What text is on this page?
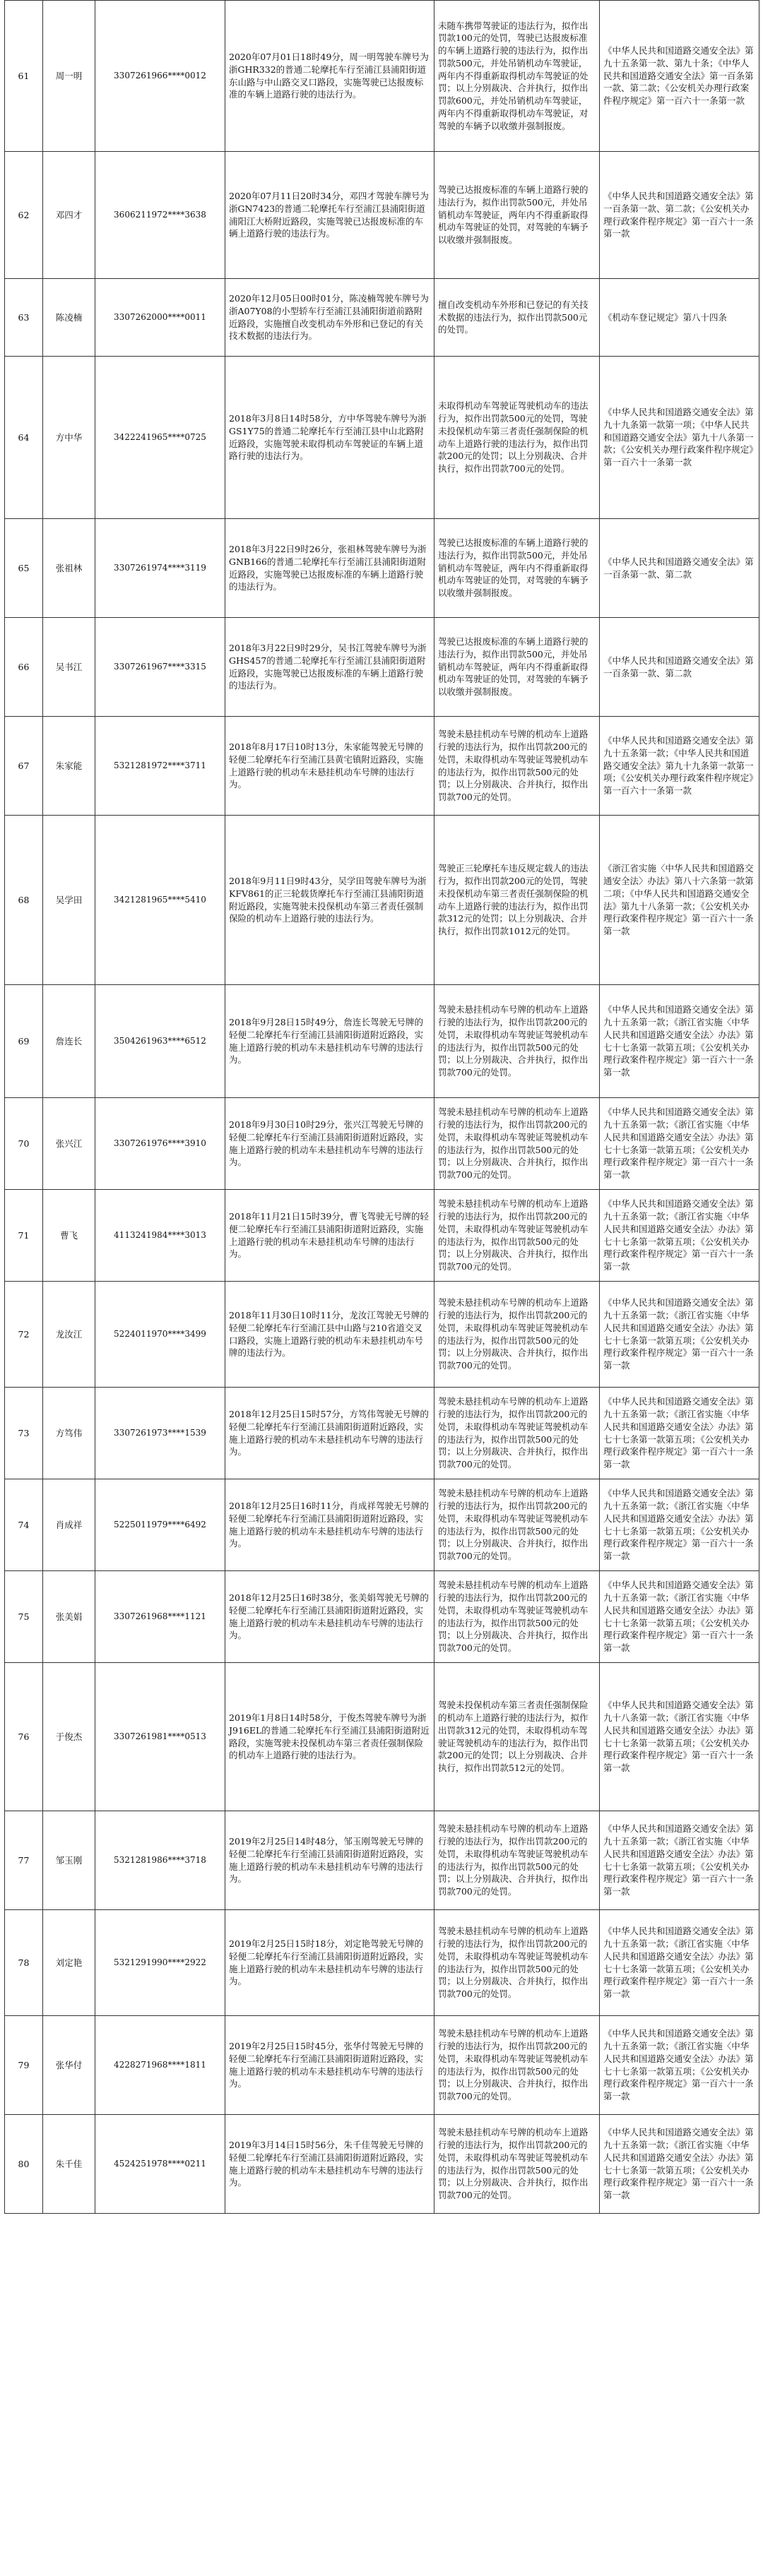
61	周一明	3307261966****0012	2020年07月01日18时49分，周一明驾驶车牌号为浙GHR332的普通二轮摩托车行至浦江县浦阳街道东山路与中山路交叉口路段，实施驾驶已达报废标准的车辆上道路行驶的违法行为。	未随车携带驾驶证的违法行为，拟作出罚款100元的处罚，驾驶已达报废标准的车辆上道路行驶的违法行为，拟作出罚款500元，并处吊销机动车驾驶证，两年内不得重新取得机动车驾驶证的处罚；以上分别裁决、合并执行，拟作出罚款600元，并处吊销机动车驾驶证，两年内不得重新取得机动车驾驶证，对驾驶的车辆予以收缴并强制报废。	《中华人民共和国道路交通安全法》第九十五条第一款、第九十条；《中华人民共和国道路交通安全法》第一百条第一款、第二款；《公安机关办理行政案件程序规定》第一百六十一条第一款
62	邓四才	3606211972****3638	2020年07月11日20时34分，邓四才驾驶车牌号为浙GN7423的普通二轮摩托车行至浦江县浦阳街道浦阳江大桥附近路段，实施驾驶已达报废标准的车辆上道路行驶的违法行为。	驾驶已达报废标准的车辆上道路行驶的违法行为，拟作出罚款500元，并处吊销机动车驾驶证，两年内不得重新取得机动车驾驶证的处罚，对驾驶的车辆予以收缴并强制报废。	《中华人民共和国道路交通安全法》第一百条第一款、第二款；《公安机关办理行政案件程序规定》第一百六十一条第一款
63	陈凌楠	3307262000****0011	2020年12月05日00时01分，陈凌楠驾驶车牌号为浙A07Y08的小型轿车行至浦江县浦阳街道前路附近路段，实施擅自改变机动车外形和已登记的有关技术数据的违法行为。	擅自改变机动车外形和已登记的有关技术数据的违法行为，拟作出罚款500元的处罚。	《机动车登记规定》第八十四条
64	方中华	3422241965****0725	2018年3月8日14时58分，方中华驾驶车牌号为浙GS1Y75的普通二轮摩托车行至浦江县中山北路附近路段，实施驾驶未取得机动车驾驶证的车辆上道路行驶的违法行为。	未取得机动车驾驶证驾驶机动车的违法行为，拟作出罚款500元的处罚，驾驶未投保机动车第三者责任强制保险的机动车上道路行驶的违法行为，拟作出罚款200元的处罚；以上分别裁决、合并执行，拟作出罚款700元的处罚。	《中华人民共和国道路交通安全法》第九十九条第一款第一项；《中华人民共和国道路交通安全法》第九十八条第一款；《公安机关办理行政案件程序规定》第一百六十一条第一款
65	张祖林	3307261974****3119	2018年3月22日9时26分，张祖林驾驶车牌号为浙GNB166的普通二轮摩托车行至浦江县浦阳街道附近路段，实施驾驶已达报废标准的车辆上道路行驶的违法行为。	驾驶已达报废标准的车辆上道路行驶的违法行为，拟作出罚款500元，并处吊销机动车驾驶证，两年内不得重新取得机动车驾驶证的处罚，对驾驶的车辆予以收缴并强制报废。	《中华人民共和国道路交通安全法》第一百条第一款、第二款
66	吴书江	3307261967****3315	2018年3月22日9时29分，吴书江驾驶车牌号为浙GHS457的普通二轮摩托车行至浦江县浦阳街道附近路段，实施驾驶已达报废标准的车辆上道路行驶的违法行为。	驾驶已达报废标准的车辆上道路行驶的违法行为，拟作出罚款500元，并处吊销机动车驾驶证，两年内不得重新取得机动车驾驶证的处罚，对驾驶的车辆予以收缴并强制报废。	《中华人民共和国道路交通安全法》第一百条第一款、第二款
67	朱家能	5321281972****3711	2018年8月17日10时13分，朱家能驾驶无号牌的轻便二轮摩托车行至浦江县黄宅镇附近路段，实施上道路行驶的机动车未悬挂机动车号牌的违法行为。	驾驶未悬挂机动车号牌的机动车上道路行驶的违法行为，拟作出罚款200元的处罚，未取得机动车驾驶证驾驶机动车的违法行为，拟作出罚款500元的处罚；以上分别裁决、合并执行，拟作出罚款700元的处罚。	《中华人民共和国道路交通安全法》第九十五条第一款；《中华人民共和国道路交通安全法》第九十九条第一款第一项；《公安机关办理行政案件程序规定》第一百六十一条第一款
68	吴学田	3421281965****5410	2018年9月11日9时43分，吴学田驾驶车牌号为浙KFV861的正三轮载货摩托车行至浦江县浦阳街道附近路段，实施驾驶未投保机动车第三者责任强制保险的机动车上道路行驶的违法行为。	驾驶正三轮摩托车违反规定载人的违法行为，拟作出罚款200元的处罚，驾驶未投保机动车第三者责任强制保险的机动车上道路行驶的违法行为，拟作出罚款312元的处罚；以上分别裁决、合并执行，拟作出罚款1012元的处罚。	《浙江省实施〈中华人民共和国道路交通安全法〉办法》第八十六条第一款第二项；《中华人民共和国道路交通安全法》第九十八条第一款；《公安机关办理行政案件程序规定》第一百六十一条第一款
69	詹连长	3504261963****6512	2018年9月28日15时49分，詹连长驾驶无号牌的轻便二轮摩托车行至浦江县浦阳街道附近路段，实施上道路行驶的机动车未悬挂机动车号牌的违法行为。	驾驶未悬挂机动车号牌的机动车上道路行驶的违法行为，拟作出罚款200元的处罚，未取得机动车驾驶证驾驶机动车的违法行为，拟作出罚款500元的处罚；以上分别裁决、合并执行，拟作出罚款700元的处罚。	《中华人民共和国道路交通安全法》第九十五条第一款；《浙江省实施〈中华人民共和国道路交通安全法〉办法》第七十七条第一款第五项；《公安机关办理行政案件程序规定》第一百六十一条第一款
70	张兴江	3307261976****3910	2018年9月30日10时29分，张兴江驾驶无号牌的轻便二轮摩托车行至浦江县浦阳街道附近路段，实施上道路行驶的机动车未悬挂机动车号牌的违法行为。	驾驶未悬挂机动车号牌的机动车上道路行驶的违法行为，拟作出罚款200元的处罚，未取得机动车驾驶证驾驶机动车的违法行为，拟作出罚款500元的处罚；以上分别裁决、合并执行，拟作出罚款700元的处罚。	《中华人民共和国道路交通安全法》第九十五条第一款；《浙江省实施〈中华人民共和国道路交通安全法〉办法》第七十七条第一款第五项；《公安机关办理行政案件程序规定》第一百六十一条第一款
71	曹飞	4113241984****3013	2018年11月21日15时39分，曹飞驾驶无号牌的轻便二轮摩托车行至浦江县浦阳街道附近路段，实施上道路行驶的机动车未悬挂机动车号牌的违法行为。	驾驶未悬挂机动车号牌的机动车上道路行驶的违法行为，拟作出罚款200元的处罚，未取得机动车驾驶证驾驶机动车的违法行为，拟作出罚款500元的处罚；以上分别裁决、合并执行，拟作出罚款700元的处罚。	《中华人民共和国道路交通安全法》第九十五条第一款；《浙江省实施〈中华人民共和国道路交通安全法〉办法》第七十七条第一款第五项；《公安机关办理行政案件程序规定》第一百六十一条第一款
72	龙汝江	5224011970****3499	2018年11月30日10时11分，龙汝江驾驶无号牌的轻便二轮摩托车行至浦江县中山路与210省道交叉口路段，实施上道路行驶的机动车未悬挂机动车号牌的违法行为。	驾驶未悬挂机动车号牌的机动车上道路行驶的违法行为，拟作出罚款200元的处罚，未取得机动车驾驶证驾驶机动车的违法行为，拟作出罚款500元的处罚；以上分别裁决、合并执行，拟作出罚款700元的处罚。	《中华人民共和国道路交通安全法》第九十五条第一款；《浙江省实施〈中华人民共和国道路交通安全法〉办法》第七十七条第一款第五项；《公安机关办理行政案件程序规定》第一百六十一条第一款
73	方笃伟	3307261973****1539	2018年12月25日15时57分，方笃伟驾驶无号牌的轻便二轮摩托车行至浦江县浦阳街道附近路段，实施上道路行驶的机动车未悬挂机动车号牌的违法行为。	驾驶未悬挂机动车号牌的机动车上道路行驶的违法行为，拟作出罚款200元的处罚，未取得机动车驾驶证驾驶机动车的违法行为，拟作出罚款500元的处罚；以上分别裁决、合并执行，拟作出罚款700元的处罚。	《中华人民共和国道路交通安全法》第九十五条第一款；《浙江省实施〈中华人民共和国道路交通安全法〉办法》第七十七条第一款第五项；《公安机关办理行政案件程序规定》第一百六十一条第一款
74	肖成祥	5225011979****6492	2018年12月25日16时11分，肖成祥驾驶无号牌的轻便二轮摩托车行至浦江县浦阳街道附近路段，实施上道路行驶的机动车未悬挂机动车号牌的违法行为。	驾驶未悬挂机动车号牌的机动车上道路行驶的违法行为，拟作出罚款200元的处罚，未取得机动车驾驶证驾驶机动车的违法行为，拟作出罚款500元的处罚；以上分别裁决、合并执行，拟作出罚款700元的处罚。	《中华人民共和国道路交通安全法》第九十五条第一款；《浙江省实施〈中华人民共和国道路交通安全法〉办法》第七十七条第一款第五项；《公安机关办理行政案件程序规定》第一百六十一条第一款
75	张美娟	3307261968****1121	2018年12月25日16时38分，张美娟驾驶无号牌的轻便二轮摩托车行至浦江县浦阳街道附近路段，实施上道路行驶的机动车未悬挂机动车号牌的违法行为。	驾驶未悬挂机动车号牌的机动车上道路行驶的违法行为，拟作出罚款200元的处罚，未取得机动车驾驶证驾驶机动车的违法行为，拟作出罚款500元的处罚；以上分别裁决、合并执行，拟作出罚款700元的处罚。	《中华人民共和国道路交通安全法》第九十五条第一款；《浙江省实施〈中华人民共和国道路交通安全法〉办法》第七十七条第一款第五项；《公安机关办理行政案件程序规定》第一百六十一条第一款
76	于俊杰	3307261981****0513	2019年1月8日14时58分，于俊杰驾驶车牌号为浙J916EL的普通二轮摩托车行至浦江县浦阳街道附近路段，实施驾驶未投保机动车第三者责任强制保险的机动车上道路行驶的违法行为。	驾驶未投保机动车第三者责任强制保险的机动车上道路行驶的违法行为，拟作出罚款312元的处罚，未取得机动车驾驶证驾驶机动车的违法行为，拟作出罚款200元的处罚；以上分别裁决、合并执行，拟作出罚款512元的处罚。	《中华人民共和国道路交通安全法》第九十八条第一款；《浙江省实施〈中华人民共和国道路交通安全法〉办法》第七十七条第一款第五项；《公安机关办理行政案件程序规定》第一百六十一条第一款
77	邹玉刚	5321281986****3718	2019年2月25日14时48分，邹玉刚驾驶无号牌的轻便二轮摩托车行至浦江县浦阳街道附近路段，实施上道路行驶的机动车未悬挂机动车号牌的违法行为。	驾驶未悬挂机动车号牌的机动车上道路行驶的违法行为，拟作出罚款200元的处罚，未取得机动车驾驶证驾驶机动车的违法行为，拟作出罚款500元的处罚；以上分别裁决、合并执行，拟作出罚款700元的处罚。	《中华人民共和国道路交通安全法》第九十五条第一款；《浙江省实施〈中华人民共和国道路交通安全法〉办法》第七十七条第一款第五项；《公安机关办理行政案件程序规定》第一百六十一条第一款
78	刘定艳	5321291990****2922	2019年2月25日15时18分，刘定艳驾驶无号牌的轻便二轮摩托车行至浦江县浦阳街道附近路段，实施上道路行驶的机动车未悬挂机动车号牌的违法行为。	驾驶未悬挂机动车号牌的机动车上道路行驶的违法行为，拟作出罚款200元的处罚，未取得机动车驾驶证驾驶机动车的违法行为，拟作出罚款500元的处罚；以上分别裁决、合并执行，拟作出罚款700元的处罚。	《中华人民共和国道路交通安全法》第九十五条第一款；《浙江省实施〈中华人民共和国道路交通安全法〉办法》第七十七条第一款第五项；《公安机关办理行政案件程序规定》第一百六十一条第一款
79	张华付	4228271968****1811	2019年2月25日15时45分，张华付驾驶无号牌的轻便二轮摩托车行至浦江县浦阳街道附近路段，实施上道路行驶的机动车未悬挂机动车号牌的违法行为。	驾驶未悬挂机动车号牌的机动车上道路行驶的违法行为，拟作出罚款200元的处罚，未取得机动车驾驶证驾驶机动车的违法行为，拟作出罚款500元的处罚；以上分别裁决、合并执行，拟作出罚款700元的处罚。	《中华人民共和国道路交通安全法》第九十五条第一款；《浙江省实施〈中华人民共和国道路交通安全法〉办法》第七十七条第一款第五项；《公安机关办理行政案件程序规定》第一百六十一条第一款
80	朱千佳	4524251978****0211	2019年3月14日15时56分，朱千佳驾驶无号牌的轻便二轮摩托车行至浦江县浦阳街道附近路段，实施上道路行驶的机动车未悬挂机动车号牌的违法行为。	驾驶未悬挂机动车号牌的机动车上道路行驶的违法行为，拟作出罚款200元的处罚，未取得机动车驾驶证驾驶机动车的违法行为，拟作出罚款500元的处罚；以上分别裁决、合并执行，拟作出罚款700元的处罚。	《中华人民共和国道路交通安全法》第九十五条第一款；《浙江省实施〈中华人民共和国道路交通安全法〉办法》第七十七条第一款第五项；《公安机关办理行政案件程序规定》第一百六十一条第一款
